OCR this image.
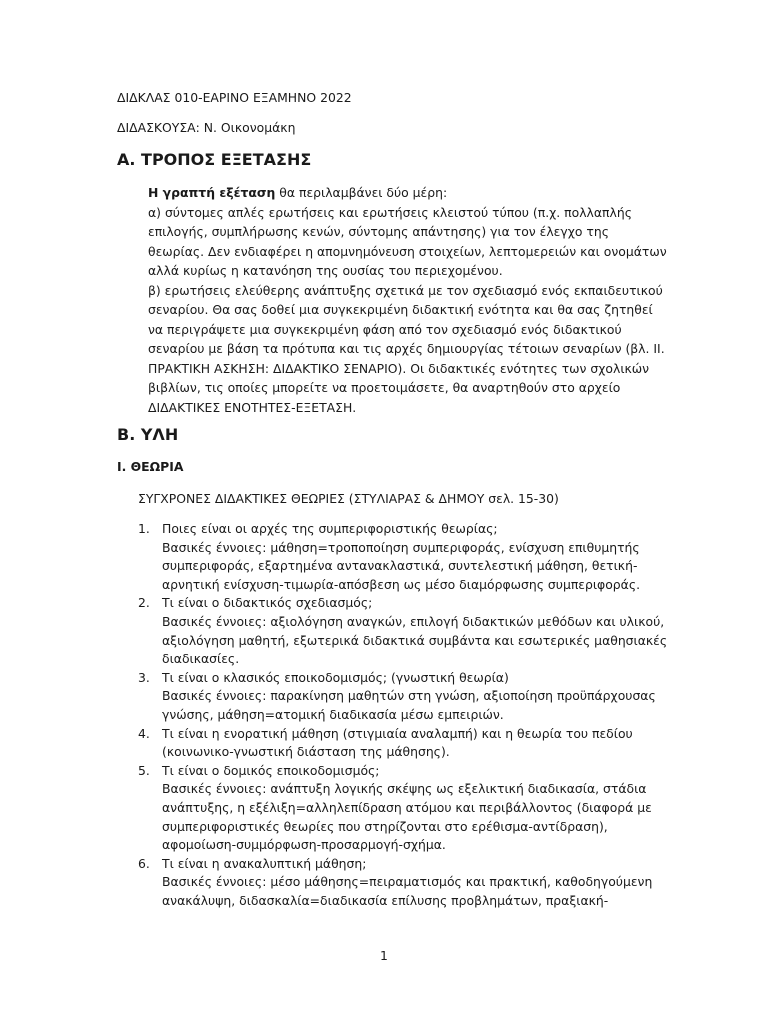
ΔΙΔΚΛΑΣ 010-ΕΑΡΙΝΟ ΕΞΑΜΗΝΟ 2022
ΔΙΔΑΣΚΟΥΣΑ: Ν. Οικονομάκη
Α. ΤΡΟΠΟΣ ΕΞΕΤΑΣΗΣ

Η γραπτή εξέταση θα περιλαμβάνει δύο μέρη:

α) σύντομες απλές ερωτήσεις και ερωτήσεις κλειστού τύπου (π.χ. πολλαπλής επιλογής, συμπλήρωσης κενών, σύντομης απάντησης) για τον έλεγχο της θεωρίας. Δεν ενδιαφέρει η απομνημόνευση στοιχείων, λεπτομερειών και ονομάτων αλλά κυρίως η κατανόηση της ουσίας του περιεχομένου.

β) ερωτήσεις ελεύθερης ανάπτυξης σχετικά με τον σχεδιασμό ενός εκπαιδευτικού σεναρίου. Θα σας δοθεί μια συγκεκριμένη διδακτική ενότητα και θα σας ζητηθεί να περιγράψετε μια συγκεκριμένη φάση από τον σχεδιασμό ενός διδακτικού σεναρίου με βάση τα πρότυπα και τις αρχές δημιουργίας τέτοιων σεναρίων (βλ. ΙΙ. ΠΡΑΚΤΙΚΗ ΑΣΚΗΣΗ: ΔΙΔΑΚΤΙΚΟ ΣΕΝΑΡΙΟ). Οι διδακτικές ενότητες των σχολικών βιβλίων, τις οποίες μπορείτε να προετοιμάσετε, θα αναρτηθούν στο αρχείο ΔΙΔΑΚΤΙΚΕΣ ΕΝΟΤΗΤΕΣ-ΕΞΕΤΑΣΗ.

Β. ΥΛΗ
Ι. ΘΕΩΡΙΑ
ΣΥΓΧΡΟΝΕΣ ΔΙΔΑΚΤΙΚΕΣ ΘΕΩΡΙΕΣ (ΣΤΥΛΙΑΡΑΣ & ΔΗΜΟΥ σελ. 15-30)
1. Ποιες είναι οι αρχές της συμπεριφοριστικής θεωρίας;

Βασικές έννοιες: μάθηση=τροποποίηση συμπεριφοράς, ενίσχυση επιθυμητής συμπεριφοράς, εξαρτημένα αντανακλαστικά, συντελεστική μάθηση, θετική-αρνητική ενίσχυση-τιμωρία-απόσβεση ως μέσο διαμόρφωσης συμπεριφοράς.

2. Τι είναι ο διδακτικός σχεδιασμός;

Βασικές έννοιες: αξιολόγηση αναγκών, επιλογή διδακτικών μεθόδων και υλικού, αξιολόγηση μαθητή, εξωτερικά διδακτικά συμβάντα και εσωτερικές μαθησιακές διαδικασίες.

3. Τι είναι ο κλασικός εποικοδομισμός; (γνωστική θεωρία)

Βασικές έννοιες: παρακίνηση μαθητών στη γνώση, αξιοποίηση προϋπάρχουσας γνώσης, μάθηση=ατομική διαδικασία μέσω εμπειριών.

4. Τι είναι η ενορατική μάθηση (στιγμιαία αναλαμπή) και η θεωρία του πεδίου (κοινωνικο-γνωστική διάσταση της μάθησης).

5. Τι είναι ο δομικός εποικοδομισμός;

Βασικές έννοιες: ανάπτυξη λογικής σκέψης ως εξελικτική διαδικασία, στάδια ανάπτυξης, η εξέλιξη=αλληλεπίδραση ατόμου και περιβάλλοντος (διαφορά με συμπεριφοριστικές θεωρίες που στηρίζονται στο ερέθισμα-αντίδραση), αφομοίωση-συμμόρφωση-προσαρμογή-σχήμα.

6. Τι είναι η ανακαλυπτική μάθηση;

Βασικές έννοιες: μέσο μάθησης=πειραματισμός και πρακτική, καθοδηγούμενη ανακάλυψη, διδασκαλία=διαδικασία επίλυσης προβλημάτων, πραξιακή-

1
